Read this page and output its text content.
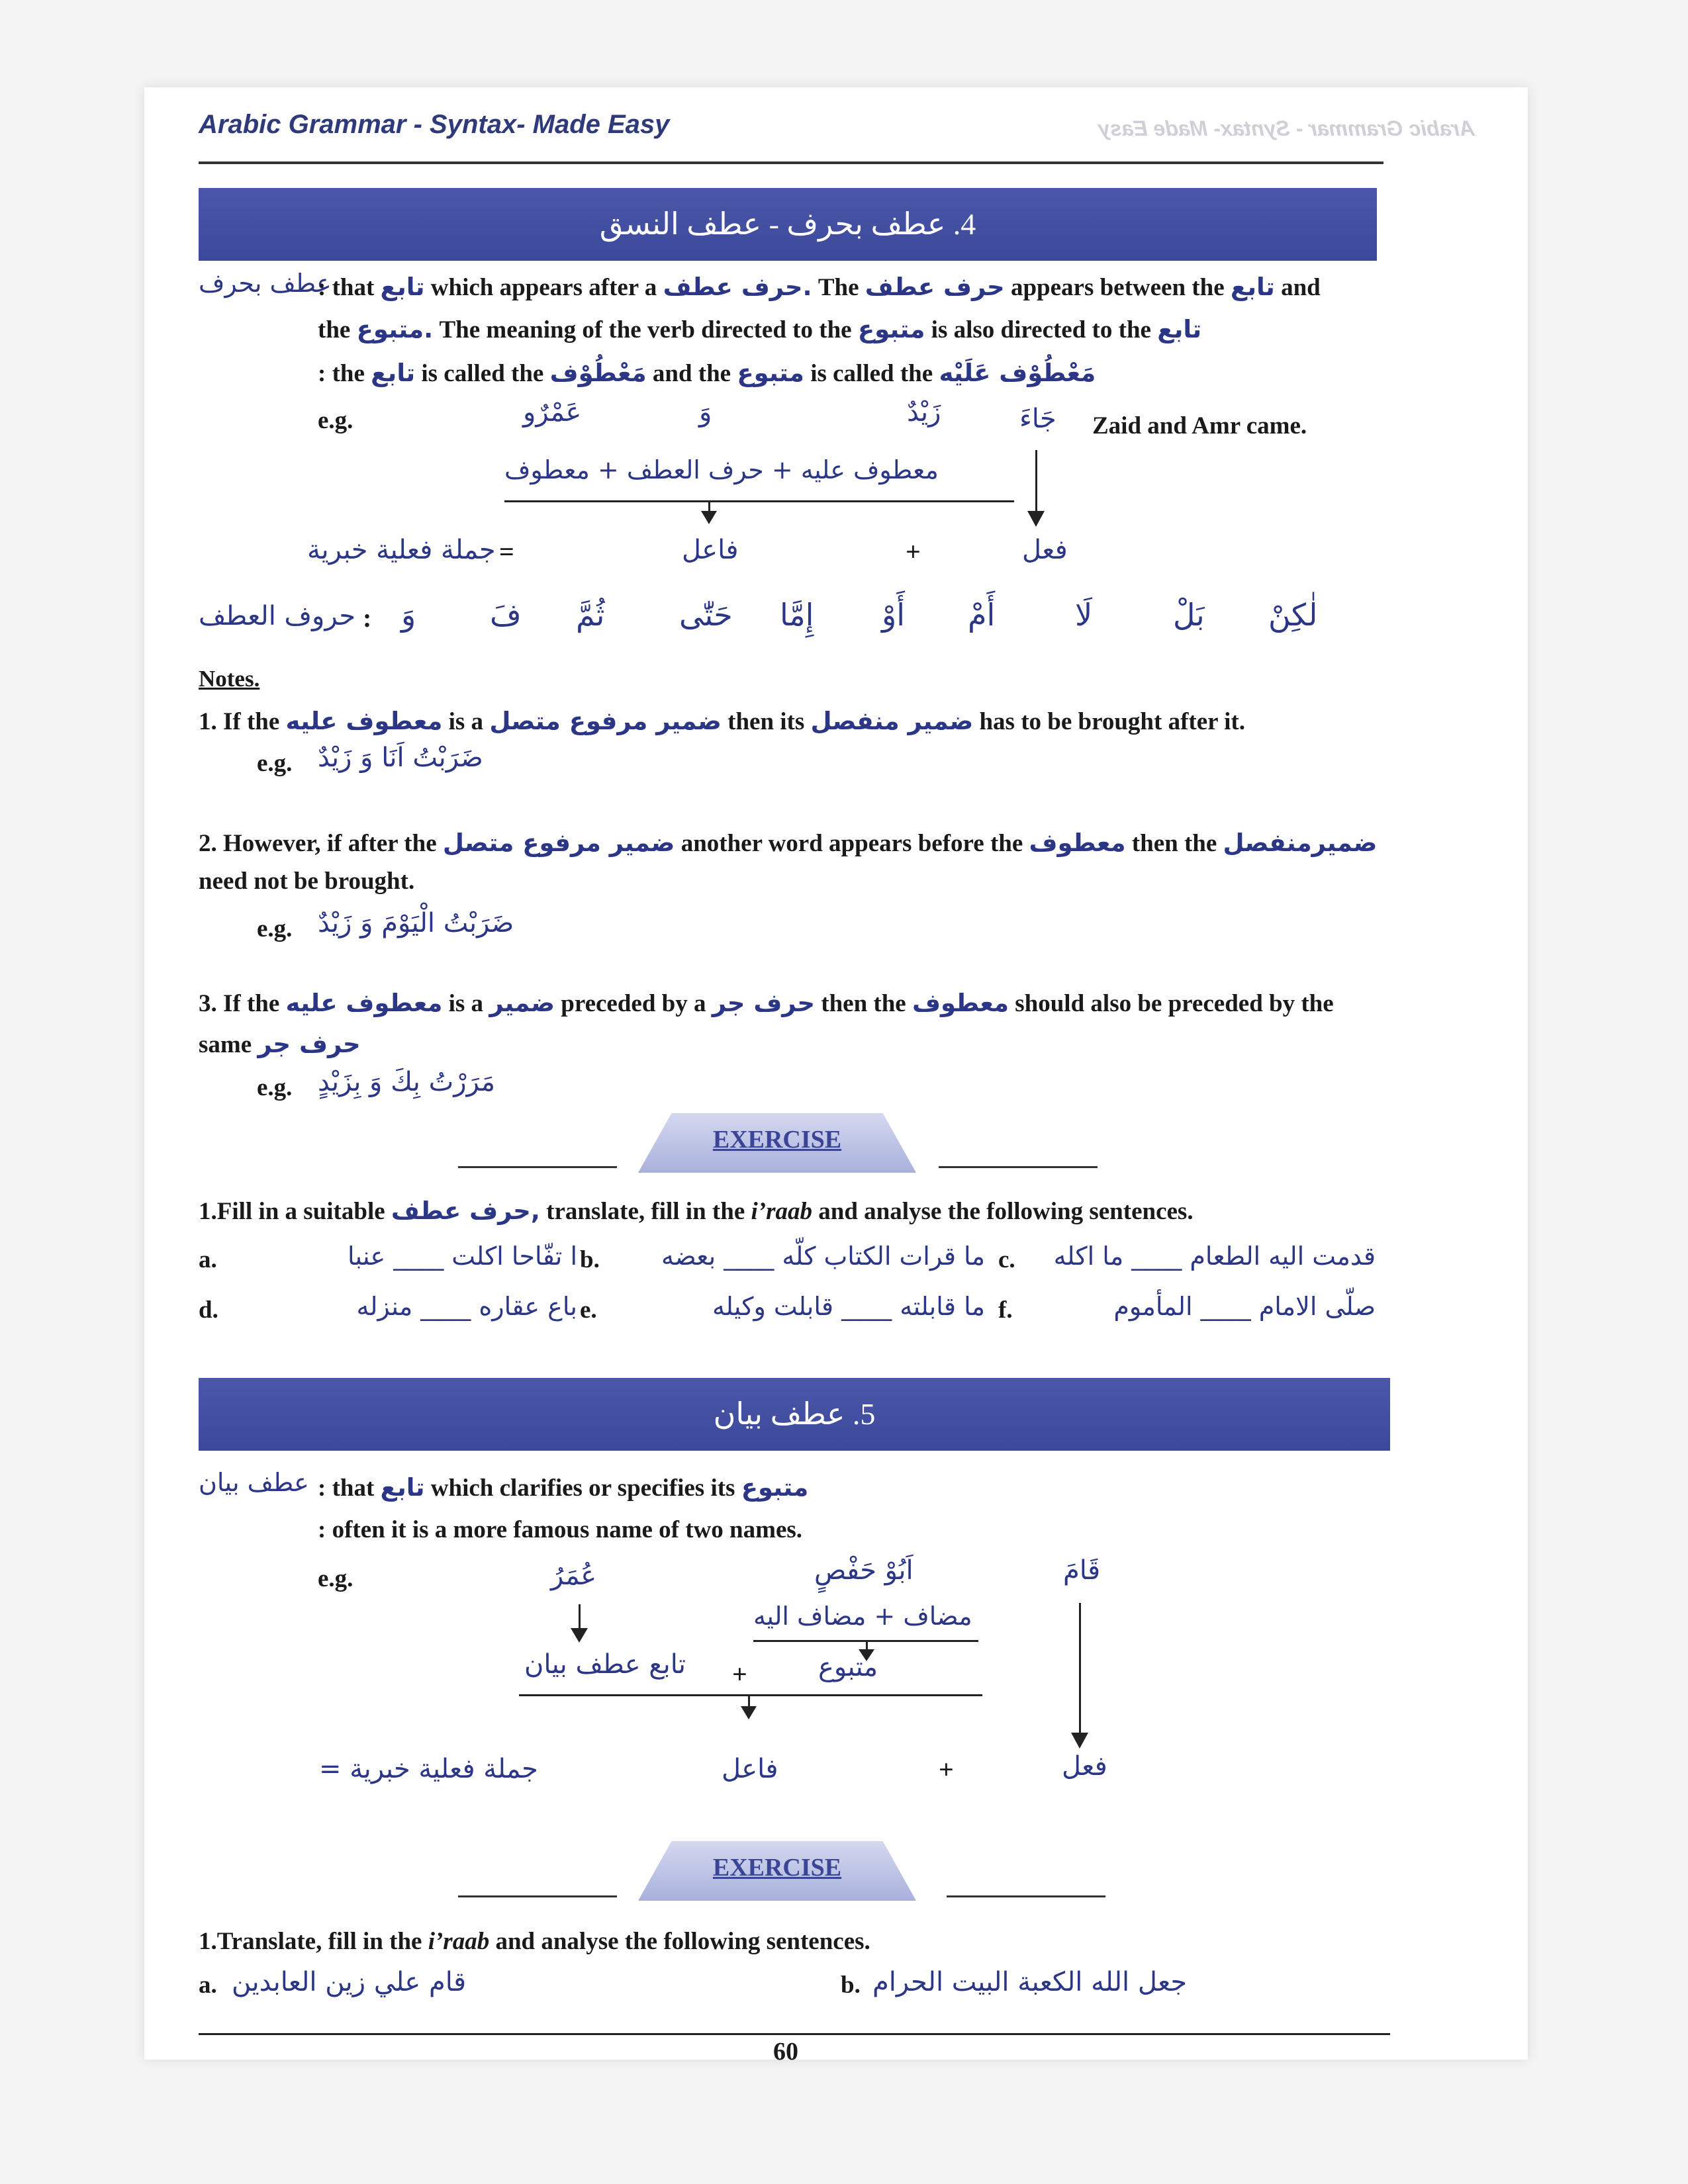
Arabic Grammar - Syntax- Made Easy	Arabic Grammar - Syntax- Made Easy
4. عطف بحرف - عطف النسق
عطف بحرف
: that تابع which appears after a حرف عطف. The حرف عطف appears between the تابع and
the متبوع. The meaning of the verb directed to the متبوع is also directed to the تابع
: the تابع is called the مَعْطُوْف and the متبوع is called the مَعْطُوْف عَلَيْه
e.g.	عَمْرٌو	وَ	زَيْدٌ	جَاءَ Zaid and Amr came.
معطوف عليه + حرف العطف + معطوف
فعل
+
فاعل
=
جملة فعلية خبرية
حروف العطف : وَ فَ ثُمَّ حَتّٰى إِمَّا أَوْ أَمْ	لَا	بَلْ لٰكِنْ
Notes.
1. If the معطوف عليه is a ضمير مرفوع متصل then its ضمير منفصل has to be brought after it.
e.g. ضَرَبْتُ اَنَا وَ زَيْدٌ
2. However, if after the ضمير مرفوع متصل another word appears before the معطوف then the ضميرمنفصل
need not be brought.
e.g. ضَرَبْتُ الْيَوْمَ وَ زَيْدٌ
3. If the معطوف عليه is a ضمير preceded by a حرف جر then the معطوف should also be preceded by the
same حرف جر
e.g. مَرَرْتُ بِكَ وَ بِزَيْدٍ
EXERCISE
1.Fill in a suitable حرف عطف, translate, fill in the i’raab and analyse the following sentences.
a.	ا تفّاحا اكلت ____ عنبا b.	ما قرات الكتاب كلّه ____ بعضه c.	قدمت اليه الطعام ____ ما اكله
d.	باع عقاره ____ منزله e.	ما قابلته ____ قابلت وكيله f.	صلّى الامام ____ المأموم
5. عطف بيان
عطف بيان : that تابع which clarifies or specifies its متبوع
: often it is a more famous name of two names.
e.g.	عُمَرُ	اَبُوْ حَفْصٍ	قَامَ
مضاف + مضاف اليه
متبوع
+
تابع عطف بيان
فعل
+
فاعل
= جملة فعلية خبرية
EXERCISE
1.Translate, fill in the i’raab and analyse the following sentences.
a. قام علي زين العابدين	b. جعل الله الكعبة البيت الحرام
60
